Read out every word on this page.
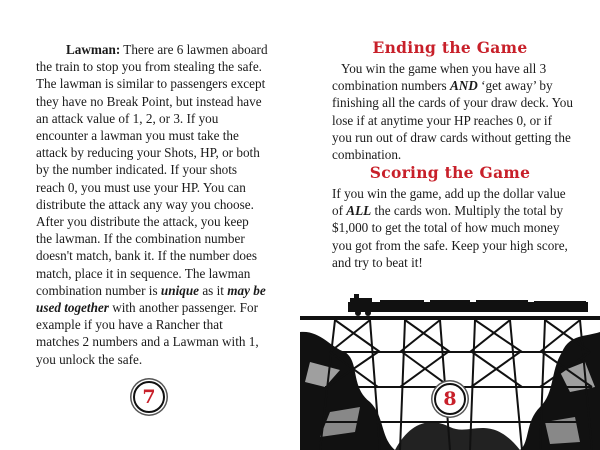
Lawman: There are 6 lawmen aboard the train to stop you from stealing the safe. The lawman is similar to passengers except they have no Break Point, but instead have an attack value of 1, 2, or 3. If you encounter a lawman you must take the attack by reducing your Shots, HP, or both by the number indicated. If your shots reach 0, you must use your HP. You can distribute the attack any way you choose. After you distribute the attack, you keep the lawman. If the combination number doesn't match, bank it. If the number does match, place it in sequence. The lawman combination number is unique as it may be used together with another passenger. For example if you have a Rancher that matches 2 numbers and a Lawman with 1, you unlock the safe.

7
Ending the Game

You win the game when you have all 3 combination numbers AND ‘get away’ by finishing all the cards of your draw deck. You lose if at anytime your HP reaches 0, or if you run out of draw cards without getting the combination.

Scoring the Game

If you win the game, add up the dollar value of ALL the cards won. Multiply the total by $1,000 to get the total of how much money you got from the safe. Keep your high score, and try to beat it!

8
